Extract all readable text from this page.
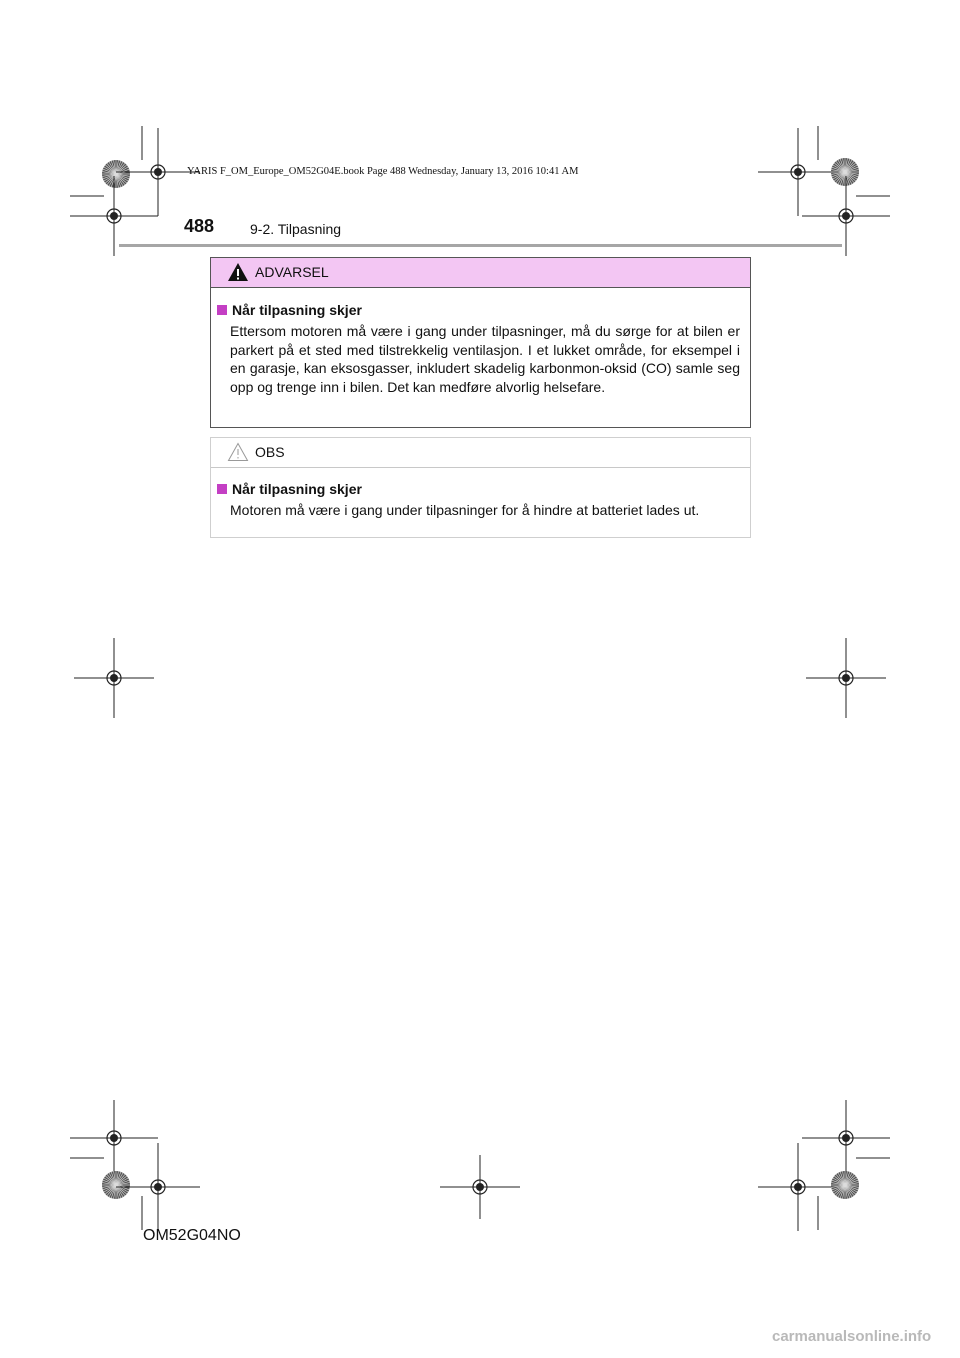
YARIS F_OM_Europe_OM52G04E.book Page 488 Wednesday, January 13, 2016 10:41 AM
488	9-2. Tilpasning
ADVARSEL
Når tilpasning skjer
Ettersom motoren må være i gang under tilpasninger, må du sørge for at bilen er parkert på et sted med tilstrekkelig ventilasjon. I et lukket område, for eksempel i en garasje, kan eksosgasser, inkludert skadelig karbonmon-oksid (CO) samle seg opp og trenge inn i bilen. Det kan medføre alvorlig helsefare.
OBS
Når tilpasning skjer
Motoren må være i gang under tilpasninger for å hindre at batteriet lades ut.
OM52G04NO
carmanualsonline.info
